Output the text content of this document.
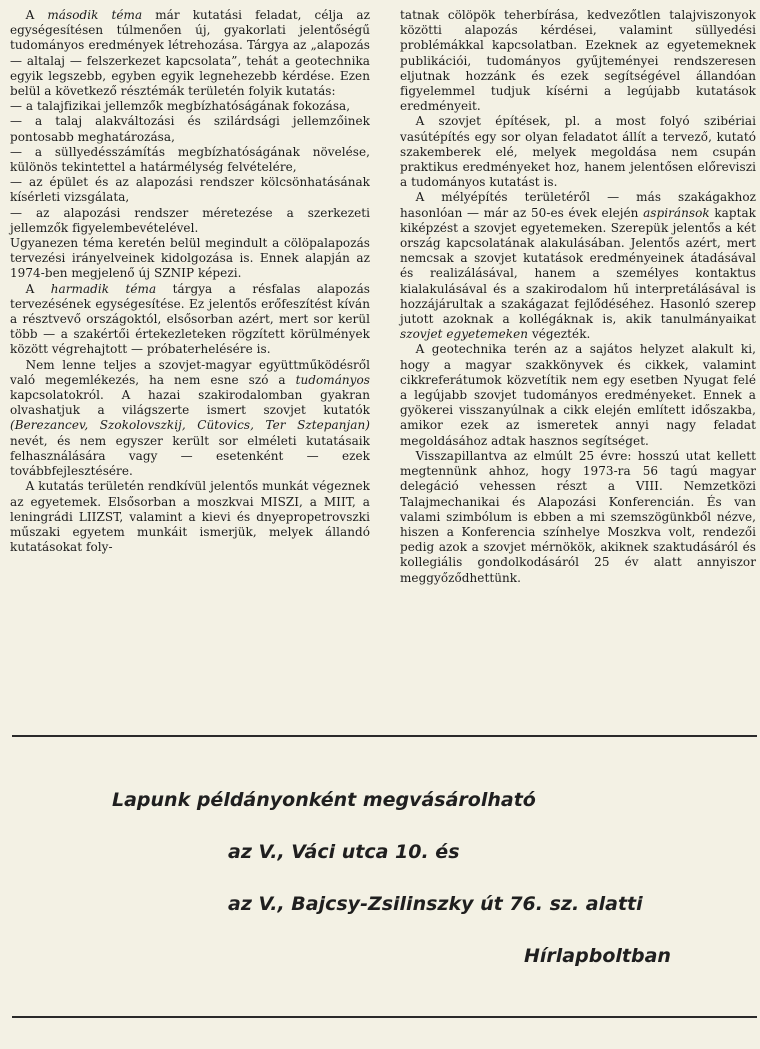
A második téma már kutatási feladat, célja az egységesítésen túlmenően új, gyakorlati jelentőségű tudományos eredmények létrehozása. Tárgya az „alapozás — altalaj — felszerkezet kapcsolata”, tehát a geotechnika egyik legszebb, egyben egyik legnehezebb kérdése. Ezen belül a következő résztémák területén folyik kutatás:

— a talajfizikai jellemzők megbízhatóságának fokozása,
— a talaj alakváltozási és szilárdsági jellemzőinek pontosabb meghatározása,
— a süllyedésszámítás megbízhatóságának növelése, különös tekintettel a határmélység felvételére,
— az épület és az alapozási rendszer kölcsönhatásának kísérleti vizsgálata,
— az alapozási rendszer méretezése a szerkezeti jellemzők figyelembevételével.

Ugyanezen téma keretén belül megindult a cölöpalapozás tervezési irányelveinek kidolgozása is. Ennek alapján az 1974-ben megjelenő új SZNIP képezi.

A harmadik téma tárgya a résfalas alapozás tervezésének egységesítése. Ez jelentős erőfeszítést kíván a résztvevő országoktól, elsősorban azért, mert sor kerül több — a szakértői értekezleteken rögzített körülmények között végrehajtott — próbaterhelésére is.

Nem lenne teljes a szovjet-magyar együttműködésről való megemlékezés, ha nem esne szó a tudományos kapcsolatokról. A hazai szakirodalomban gyakran olvashatjuk a világszerte ismert szovjet kutatók (Berezancev, Szokolovszkij, Cütovics, Ter Sztepanjan) nevét, és nem egyszer került sor elméleti kutatásaik felhasználására vagy — esetenként — ezek továbbfejlesztésére.

A kutatás területén rendkívül jelentős munkát végeznek az egyetemek. Elsősorban a moszkvai MISZI, a MIIT, a leningrádi LIIZST, valamint a kievi és dnyepropetrovszki műszaki egyetem munkáit ismerjük, melyek állandó kutatásokat foly-

tatnak cölöpök teherbírása, kedvezőtlen talajviszonyok közötti alapozás kérdései, valamint süllyedési problémákkal kapcsolatban. Ezeknek az egyetemeknek publikációi, tudományos gyűjteményei rendszeresen eljutnak hozzánk és ezek segítségével állandóan figyelemmel tudjuk kísérni a legújabb kutatások eredményeit.

A szovjet építések, pl. a most folyó szibériai vasútépítés egy sor olyan feladatot állít a tervező, kutató szakemberek elé, melyek megoldása nem csupán praktikus eredményeket hoz, hanem jelentősen előreviszi a tudományos kutatást is.

A mélyépítés területéről — más szakágakhoz hasonlóan — már az 50-es évek elején aspiránsok kaptak kiképzést a szovjet egyetemeken. Szerepük jelentős a két ország kapcsolatának alakulásában. Jelentős azért, mert nemcsak a szovjet kutatások eredményeinek átadásával és realizálásával, hanem a személyes kontaktus kialakulásával és a szakirodalom hű interpretálásával is hozzájárultak a szakágazat fejlődéséhez. Hasonló szerep jutott azoknak a kollégáknak is, akik tanulmányaikat szovjet egyetemeken végezték.

A geotechnika terén az a sajátos helyzet alakult ki, hogy a magyar szakkönyvek és cikkek, valamint cikkreferátumok közvetítik nem egy esetben Nyugat felé a legújabb szovjet tudományos eredményeket. Ennek a gyökerei visszanyúlnak a cikk elején említett időszakba, amikor ezek az ismeretek annyi nagy feladat megoldásához adtak hasznos segítséget.

Visszapillantva az elmúlt 25 évre: hosszú utat kellett megtennünk ahhoz, hogy 1973-ra 56 tagú magyar delegáció vehessen részt a VIII. Nemzetközi Talajmechanikai és Alapozási Konferencián. És van valami szimbólum is ebben a mi szemszögünkből nézve, hiszen a Konferencia színhelye Moszkva volt, rendezői pedig azok a szovjet mérnökök, akiknek szaktudásáról és kollegiális gondolkodásáról 25 év alatt annyiszor meggyőződhettünk.

Lapunk példányonként megvásárolható
az V., Váci utca 10. és
az V., Bajcsy-Zsilinszky út 76. sz. alatti
Hírlapboltban
